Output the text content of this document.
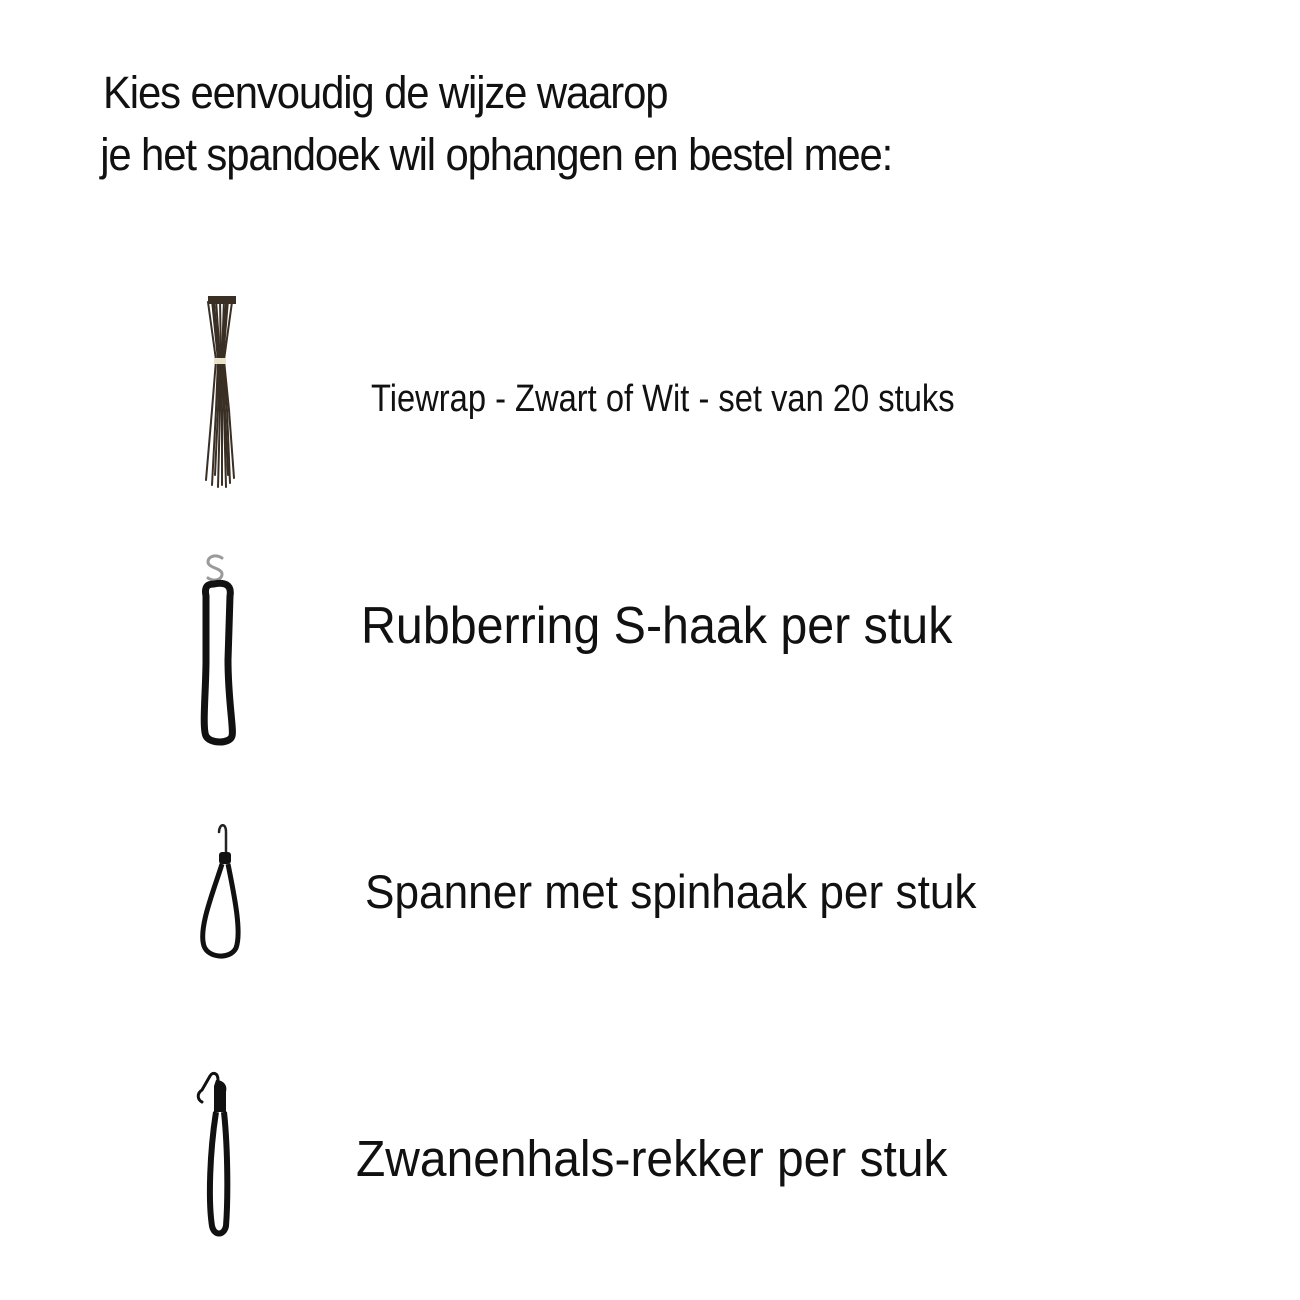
Kies eenvoudig de wijze waarop
je het spandoek wil ophangen en bestel mee:
Tiewrap - Zwart of Wit - set van 20 stuks
Rubberring S-haak per stuk
Spanner met spinhaak per stuk
Zwanenhals-rekker per stuk
